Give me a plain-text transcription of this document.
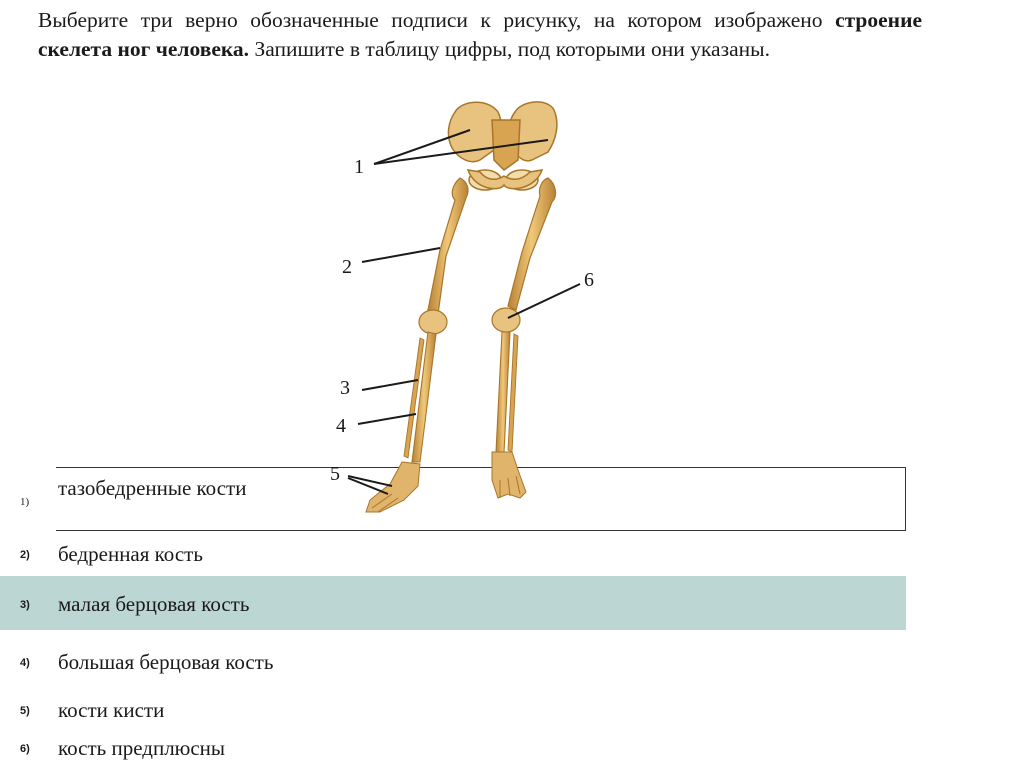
Выберите три верно обозначенные подписи к рисунку, на котором изображено строение скелета ног человека. Запишите в таблицу цифры, под которыми они указаны.

1
2
3
4
5
6
1)
тазобедренные кости
2) бедренная кость
3) малая берцовая кость
4) большая берцовая кость
5) кости кисти
6) кость предплюсны
